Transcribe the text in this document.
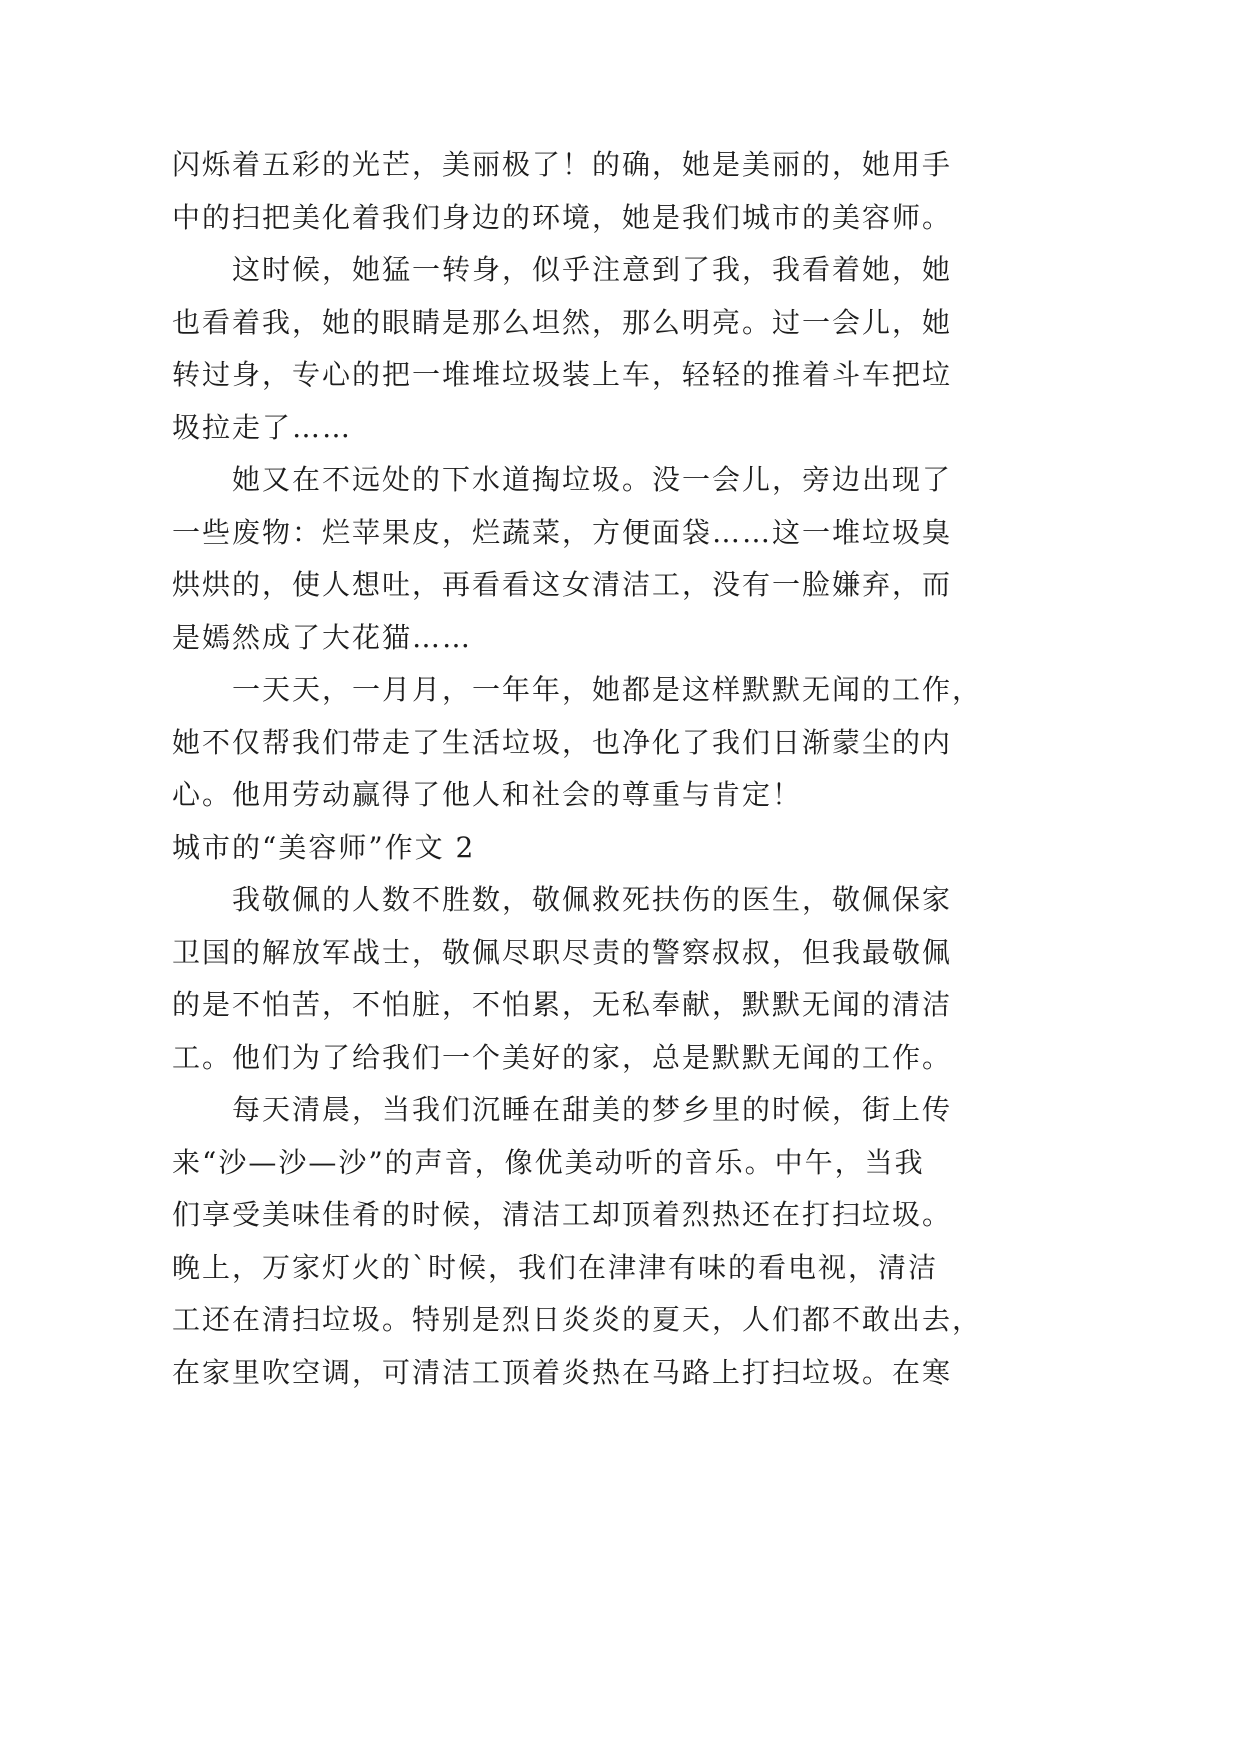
闪烁着五彩的光芒，美丽极了！的确，她是美丽的，她用手
中的扫把美化着我们身边的环境，她是我们城市的美容师。
这时候，她猛一转身，似乎注意到了我，我看着她，她
也看着我，她的眼睛是那么坦然，那么明亮。过一会儿，她
转过身，专心的把一堆堆垃圾装上车，轻轻的推着斗车把垃
圾拉走了……
她又在不远处的下水道掏垃圾。没一会儿，旁边出现了
一些废物：烂苹果皮，烂蔬菜，方便面袋……这一堆垃圾臭
烘烘的，使人想吐，再看看这女清洁工，没有一脸嫌弃，而
是嫣然成了大花猫……
一天天，一月月，一年年，她都是这样默默无闻的工作，
她不仅帮我们带走了生活垃圾，也净化了我们日渐蒙尘的内
心。他用劳动赢得了他人和社会的尊重与肯定！
城市的“美容师”作文 2
我敬佩的人数不胜数，敬佩救死扶伤的医生，敬佩保家
卫国的解放军战士，敬佩尽职尽责的警察叔叔，但我最敬佩
的是不怕苦，不怕脏，不怕累，无私奉献，默默无闻的清洁
工。他们为了给我们一个美好的家，总是默默无闻的工作。
每天清晨，当我们沉睡在甜美的梦乡里的时候，街上传
来“沙—沙—沙”的声音，像优美动听的音乐。中午，当我
们享受美味佳肴的时候，清洁工却顶着烈热还在打扫垃圾。
晚上，万家灯火的`时候，我们在津津有味的看电视，清洁
工还在清扫垃圾。特别是烈日炎炎的夏天，人们都不敢出去，
在家里吹空调，可清洁工顶着炎热在马路上打扫垃圾。在寒
